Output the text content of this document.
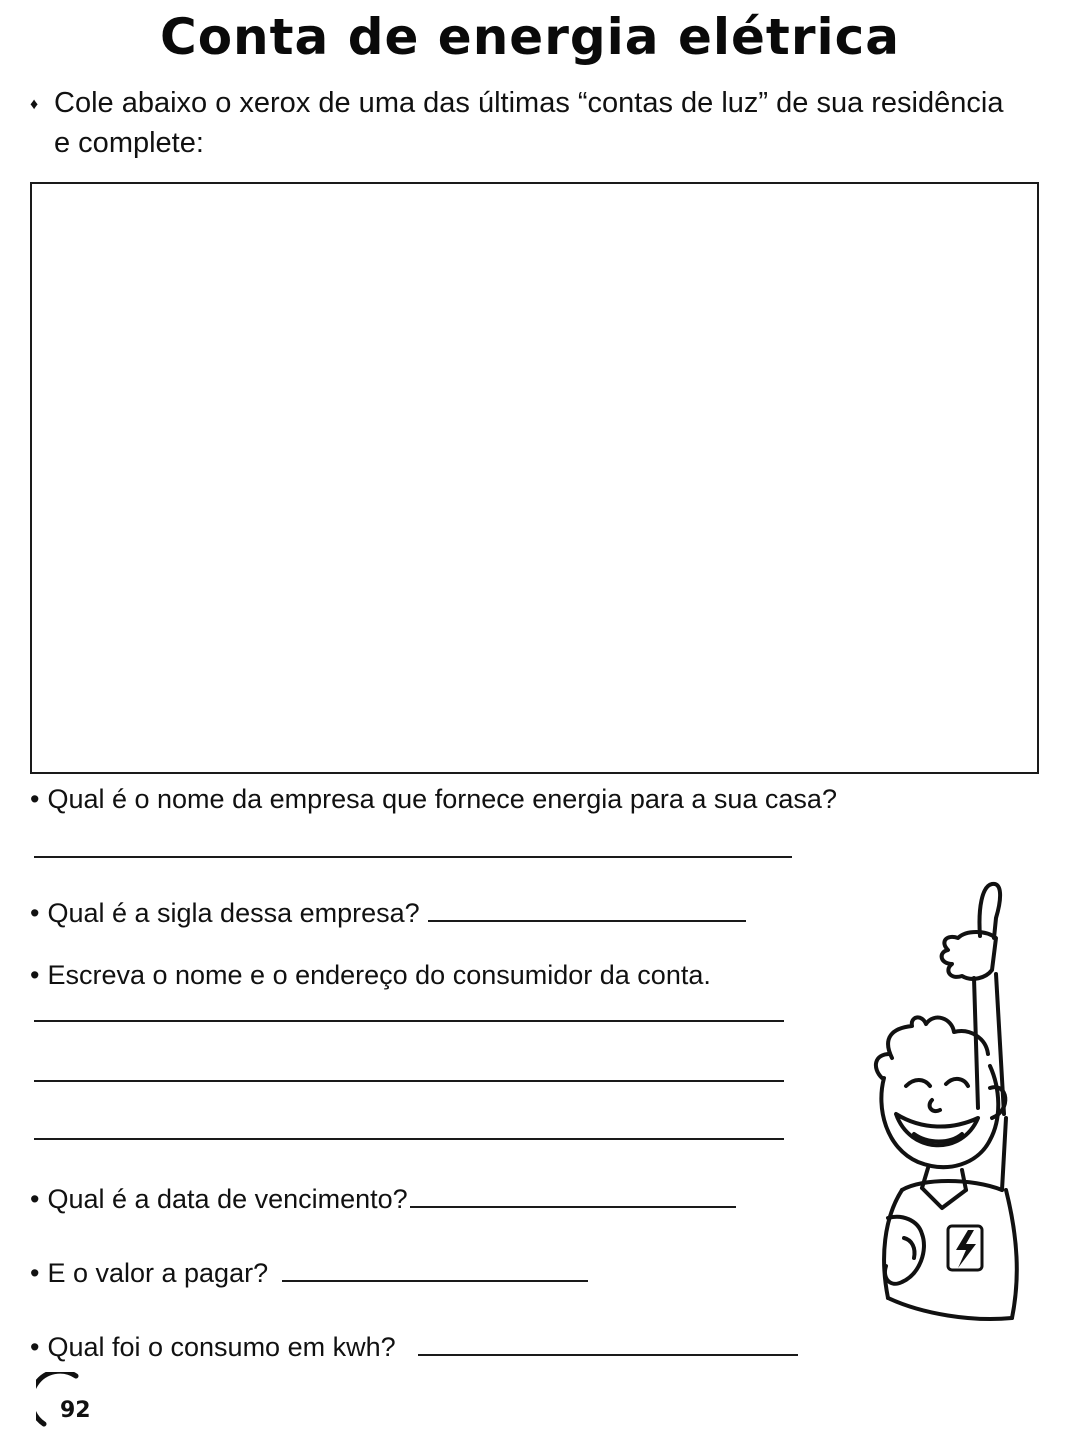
Conta de energia elétrica
♦ Cole abaixo o xerox de uma das últimas “contas de luz” de sua residência
e complete:
• Qual é o nome da empresa que fornece energia para a sua casa?
• Qual é a sigla dessa empresa?
• Escreva o nome e o endereço do consumidor da conta.
• Qual é a data de vencimento?
• E o valor a pagar?
• Qual foi o consumo em kwh?
92
